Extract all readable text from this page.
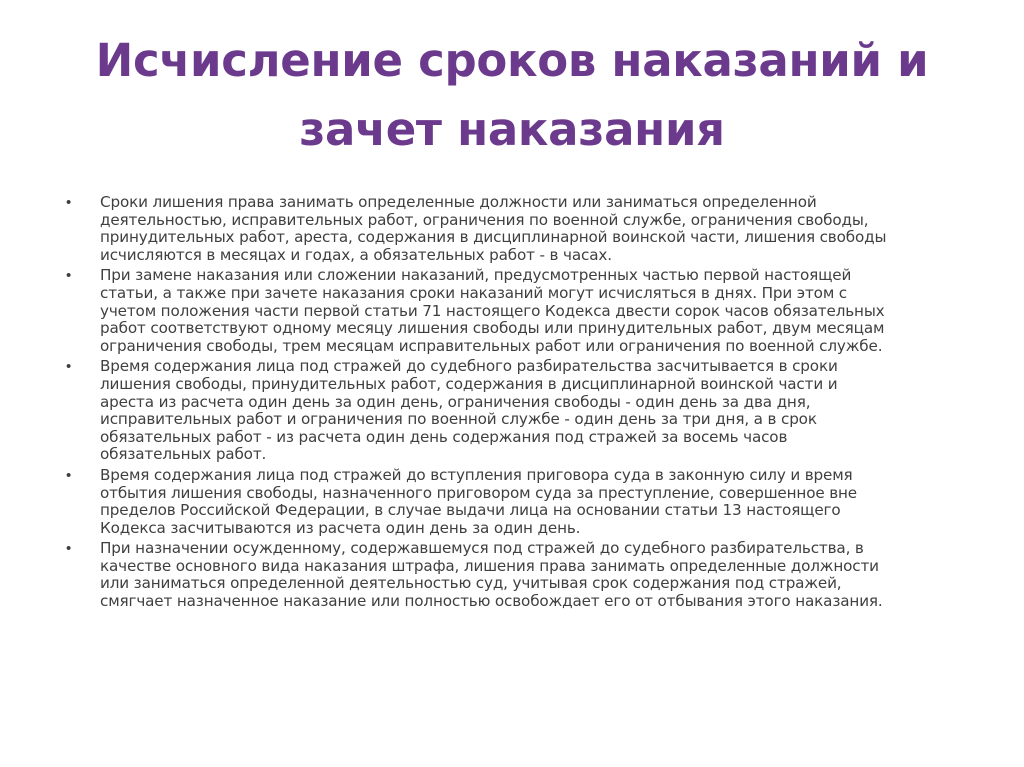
Исчисление сроков наказаний и
зачет наказания
• Сроки лишения права занимать определенные должности или заниматься определенной
деятельностью, исправительных работ, ограничения по военной службе, ограничения свободы,
принудительных работ, ареста, содержания в дисциплинарной воинской части, лишения свободы
исчисляются в месяцах и годах, а обязательных работ - в часах.
• При замене наказания или сложении наказаний, предусмотренных частью первой настоящей
статьи, а также при зачете наказания сроки наказаний могут исчисляться в днях. При этом с
учетом положения части первой статьи 71 настоящего Кодекса двести сорок часов обязательных
работ соответствуют одному месяцу лишения свободы или принудительных работ, двум месяцам
ограничения свободы, трем месяцам исправительных работ или ограничения по военной службе.
• Время содержания лица под стражей до судебного разбирательства засчитывается в сроки
лишения свободы, принудительных работ, содержания в дисциплинарной воинской части и
ареста из расчета один день за один день, ограничения свободы - один день за два дня,
исправительных работ и ограничения по военной службе - один день за три дня, а в срок
обязательных работ - из расчета один день содержания под стражей за восемь часов
обязательных работ.
• Время содержания лица под стражей до вступления приговора суда в законную силу и время
отбытия лишения свободы, назначенного приговором суда за преступление, совершенное вне
пределов Российской Федерации, в случае выдачи лица на основании статьи 13 настоящего
Кодекса засчитываются из расчета один день за один день.
• При назначении осужденному, содержавшемуся под стражей до судебного разбирательства, в
качестве основного вида наказания штрафа, лишения права занимать определенные должности
или заниматься определенной деятельностью суд, учитывая срок содержания под стражей,
смягчает назначенное наказание или полностью освобождает его от отбывания этого наказания.
